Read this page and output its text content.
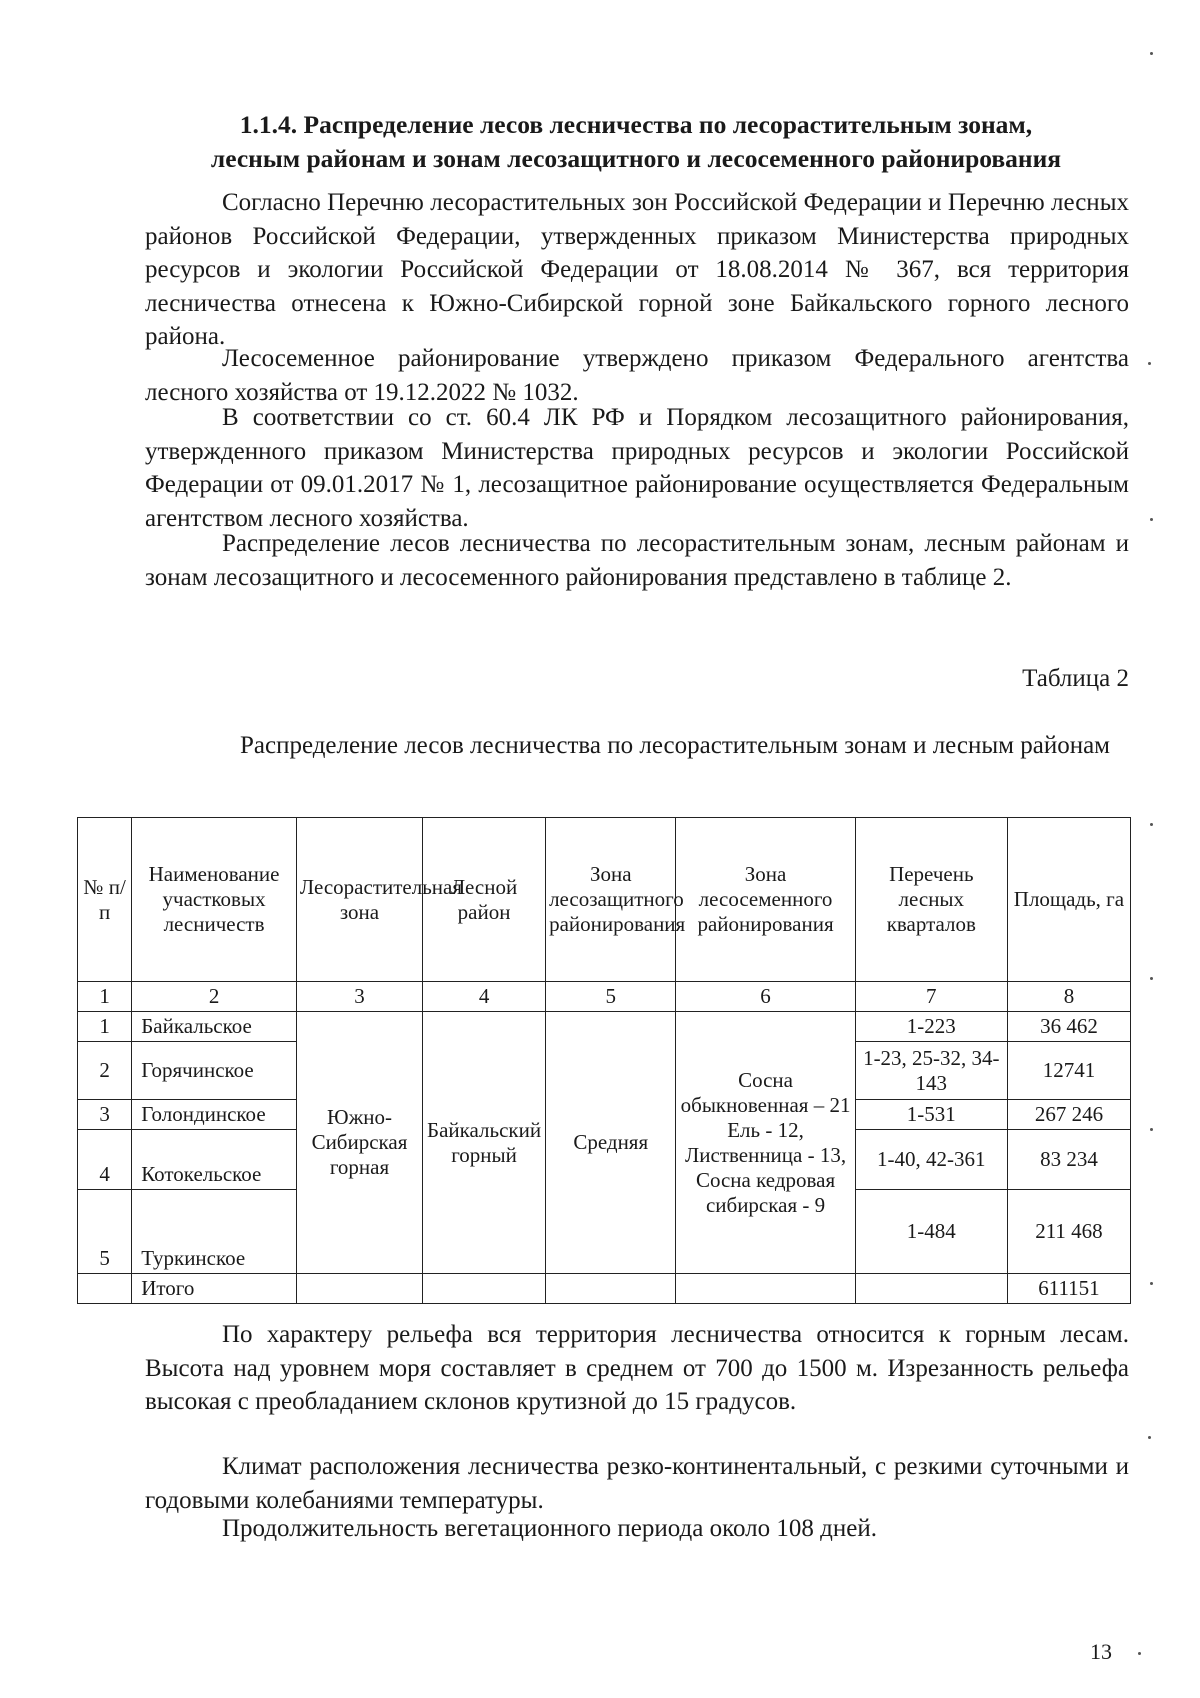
1.1.4. Распределение лесов лесничества по лесорастительным зонам,
лесным районам и зонам лесозащитного и лесосеменного районирования

Согласно Перечню лесорастительных зон Российской Федерации и Перечню лесных районов Российской Федерации, утвержденных приказом Министерства природных ресурсов и экологии Российской Федерации от 18.08.2014 № 367, вся территория лесничества отнесена к Южно-Сибирской горной зоне Байкальского горного лесного района.

Лесосеменное районирование утверждено приказом Федерального агентства лесного хозяйства от 19.12.2022 № 1032.

В соответствии со ст. 60.4 ЛК РФ и Порядком лесозащитного районирования, утвержденного приказом Министерства природных ресурсов и экологии Российской Федерации от 09.01.2017 № 1, лесозащитное районирование осуществляется Федеральным агентством лесного хозяйства.

Распределение лесов лесничества по лесорастительным зонам, лесным районам и зонам лесозащитного и лесосеменного районирования представлено в таблице 2.

Таблица 2
Распределение лесов лесничества по лесорастительным зонам и лесным районам
№ п/п	Наименование участковых лесничеств	Лесорастительная зона	Лесной район	Зона лесозащитного районирования	Зона лесосеменного районирования	Перечень лесных кварталов	Площадь, га
1	2	3	4	5	6	7	8
1	Байкальское	Южно-Сибирская горная	Байкальский горный	Средняя	Сосна обыкновенная – 21 Ель - 12, Лиственница - 13, Сосна кедровая сибирская - 9	1-223	36 462
2	Горячинское					1-23, 25-32, 34-143	12741
3	Голондинское					1-531	267 246
4	Котокельское					1-40, 42-361	83 234
5	Туркинское					1-484	211 468
	Итого						611151

По характеру рельефа вся территория лесничества относится к горным лесам. Высота над уровнем моря составляет в среднем от 700 до 1500 м. Изрезанность рельефа высокая с преобладанием склонов крутизной до 15 градусов.

Климат расположения лесничества резко-континентальный, с резкими суточными и годовыми колебаниями температуры.

Продолжительность вегетационного периода около 108 дней.

13
